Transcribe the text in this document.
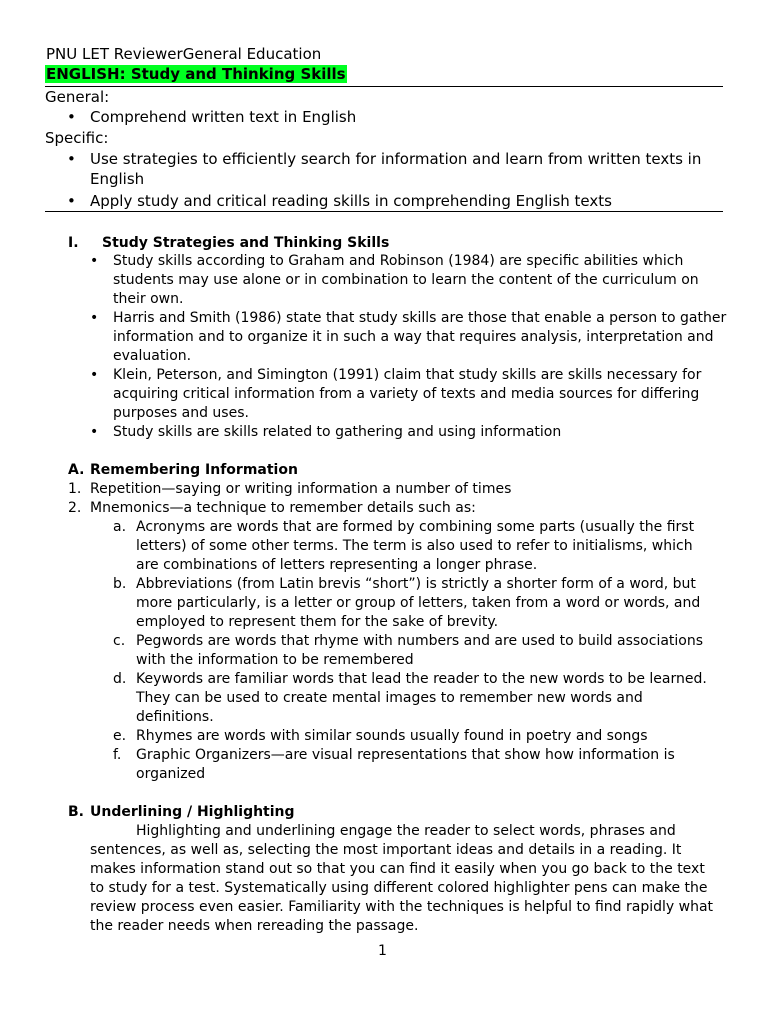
PNU LET ReviewerGeneral Education
ENGLISH: Study and Thinking Skills
General:
• Comprehend written text in English
Specific:
• Use strategies to efficiently search for information and learn from written texts in English
• Apply study and critical reading skills in comprehending English texts
I. Study Strategies and Thinking Skills
• Study skills according to Graham and Robinson (1984) are specific abilities which students may use alone or in combination to learn the content of the curriculum on their own.
• Harris and Smith (1986) state that study skills are those that enable a person to gather information and to organize it in such a way that requires analysis, interpretation and evaluation.
• Klein, Peterson, and Simington (1991) claim that study skills are skills necessary for acquiring critical information from a variety of texts and media sources for differing purposes and uses.
• Study skills are skills related to gathering and using information
A. Remembering Information
1. Repetition—saying or writing information a number of times
2. Mnemonics—a technique to remember details such as:
a. Acronyms are words that are formed by combining some parts (usually the first letters) of some other terms. The term is also used to refer to initialisms, which are combinations of letters representing a longer phrase.
b. Abbreviations (from Latin brevis “short”) is strictly a shorter form of a word, but more particularly, is a letter or group of letters, taken from a word or words, and employed to represent them for the sake of brevity.
c. Pegwords are words that rhyme with numbers and are used to build associations with the information to be remembered
d. Keywords are familiar words that lead the reader to the new words to be learned. They can be used to create mental images to remember new words and definitions.
e. Rhymes are words with similar sounds usually found in poetry and songs
f. Graphic Organizers—are visual representations that show how information is organized
B. Underlining / Highlighting
Highlighting and underlining engage the reader to select words, phrases and sentences, as well as, selecting the most important ideas and details in a reading. It makes information stand out so that you can find it easily when you go back to the text to study for a test. Systematically using different colored highlighter pens can make the review process even easier. Familiarity with the techniques is helpful to find rapidly what the reader needs when rereading the passage.
1
